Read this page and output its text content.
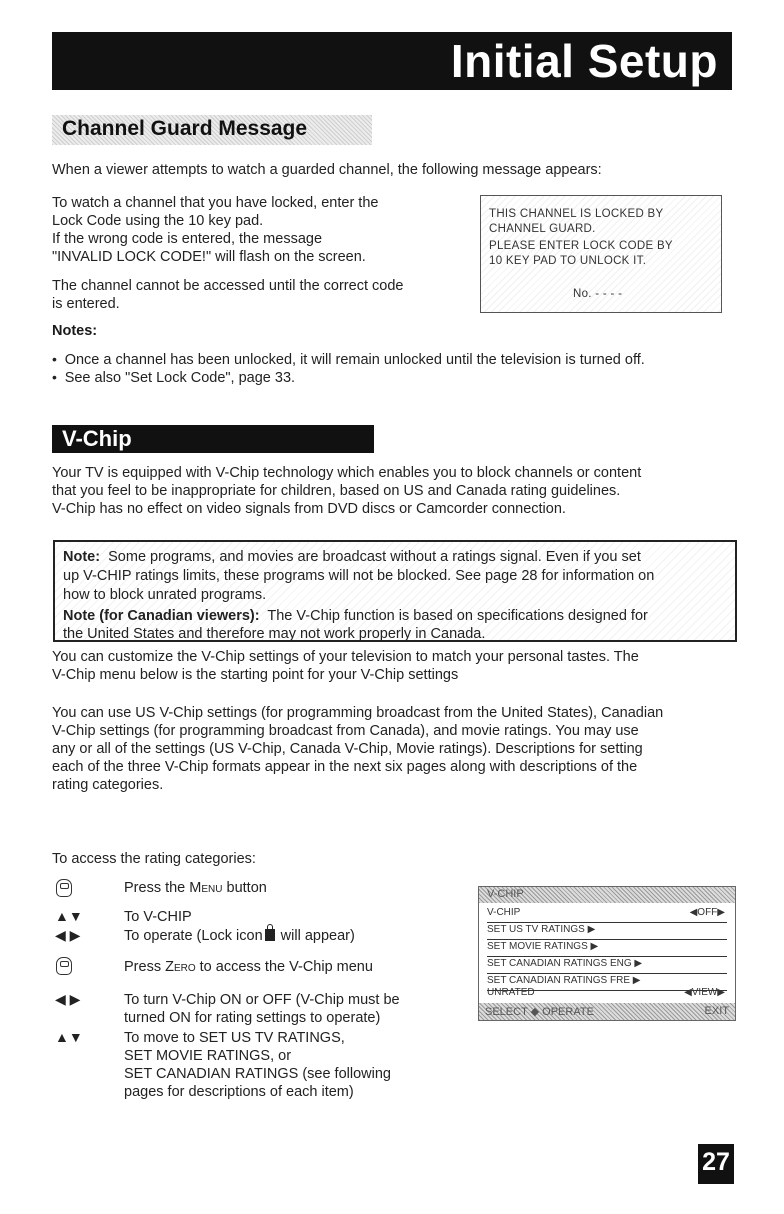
Initial Setup
Channel Guard Message
When a viewer attempts to watch a guarded channel, the following message appears:
To watch a channel that you have locked, enter the
Lock Code using the 10 key pad.
If the wrong code is entered, the message
"INVALID LOCK CODE!" will flash on the screen.
The channel cannot be accessed until the correct code
is entered.
THIS CHANNEL IS LOCKED BY
CHANNEL GUARD.
PLEASE ENTER LOCK CODE BY
10 KEY PAD TO UNLOCK IT.
No. - - - -
Notes:
•  Once a channel has been unlocked, it will remain unlocked until the television is turned off.
•  See also "Set Lock Code", page 33.
V-Chip
Your TV is equipped with V-Chip technology which enables you to block channels or content
that you feel to be inappropriate for children, based on US and Canada rating guidelines.
V-Chip has no effect on video signals from DVD discs or Camcorder connection.
Note: Some programs, and movies are broadcast without a ratings signal. Even if you set
up V-CHIP ratings limits, these programs will not be blocked. See page 28 for information on
how to block unrated programs.
Note (for Canadian viewers): The V-Chip function is based on specifications designed for
the United States and therefore may not work properly in Canada.
You can customize the V-Chip settings of your television to match your personal tastes. The
V-Chip menu below is the starting point for your V-Chip settings
You can use US V-Chip settings (for programming broadcast from the United States), Canadian
V-Chip settings (for programming broadcast from Canada), and movie ratings. You may use
any or all of the settings (US V-Chip, Canada V-Chip, Movie ratings). Descriptions for setting
each of the three V-Chip formats appear in the next six pages along with descriptions of the
rating categories.
To access the rating categories:
Press the Menu button
▲▼	To V-CHIP
◀ ▶	To operate (Lock icon will appear)
Press Zero to access the V-Chip menu
◀ ▶	To turn V-Chip ON or OFF (V-Chip must be
turned ON for rating settings to operate)
▲▼	To move to SET US TV RATINGS,
SET MOVIE RATINGS, or
SET CANADIAN RATINGS (see following
pages for descriptions of each item)
V-CHIP
V-CHIP	◀OFF▶
SET US TV RATINGS ▶
SET MOVIE RATINGS ▶
SET CANADIAN RATINGS ENG ▶
SET CANADIAN RATINGS FRE ▶
UNRATED	◀VIEW▶
SELECT ◆ OPERATE	EXIT
27
